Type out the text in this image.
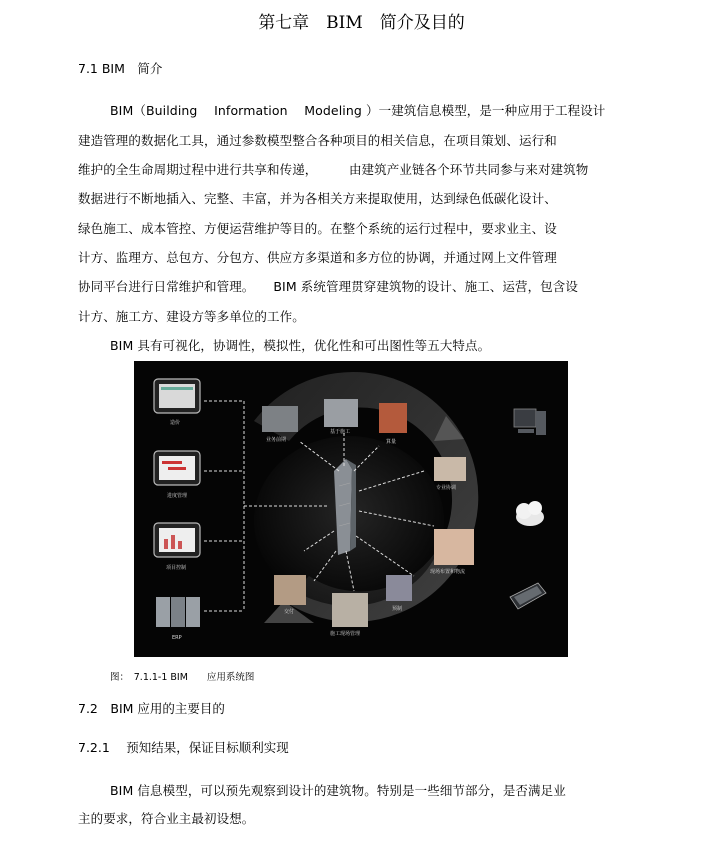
第七章　BIM　简介及目的
7.1 BIM　简介
BIM（Building　 Information　 Modeling ）一建筑信息模型，是一种应用于工程设计
建造管理的数据化工具，通过参数模型整合各种项目的相关信息，在项目策划、运行和
维护的全生命周期过程中进行共享和传递，　　　由建筑产业链各个环节共同参与来对建筑物
数据进行不断地插入、完整、丰富，并为各相关方来提取使用，达到绿色低碳化设计、
绿色施工、成本管控、方便运营维护等目的。在整个系统的运行过程中，要求业主、设
计方、监理方、总包方、分包方、供应方多渠道和多方位的协调，并通过网上文件管理
协同平台进行日常维护和管理。　　BIM 系统管理贯穿建筑物的设计、施工、运营，包含设
计方、施工方、建设方等多单位的工作。
BIM 具有可视化，协调性，模拟性，优化性和可出图性等五大特点。
造价
进度管理
项目控制
ERP
业务前期
基于施工
算量
专业协调
现场布置和物流
预制
施工现场管理
交付
图：　7.1.1-1 BIM　　应用系统图
7.2　BIM 应用的主要目的
7.2.1　 预知结果，保证目标顺利实现
BIM 信息模型，可以预先观察到设计的建筑物。特别是一些细节部分，是否满足业
主的要求，符合业主最初设想。
